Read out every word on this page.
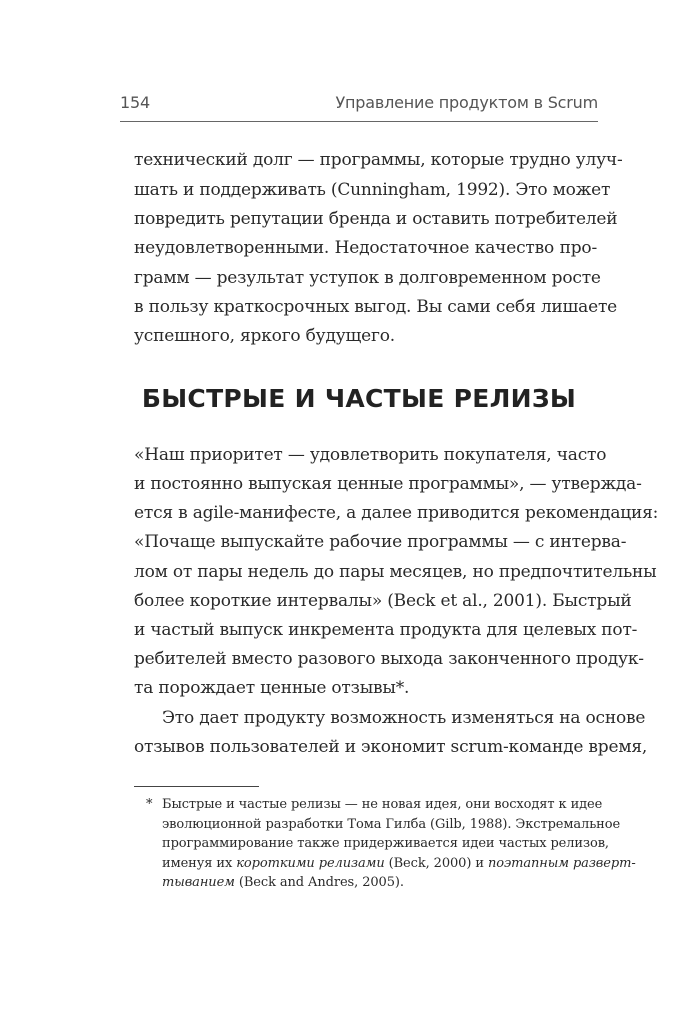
154	Управление продуктом в Scrum
технический долг — программы, которые трудно улуч-
шать и поддерживать (Cunningham, 1992). Это может
повредить репутации бренда и оставить потребителей
неудовлетворенными. Недостаточное качество про-
грамм — результат уступок в долговременном росте
в пользу краткосрочных выгод. Вы сами себя лишаете
успешного, яркого будущего.
БЫСТРЫЕ И ЧАСТЫЕ РЕЛИЗЫ
«Наш приоритет — удовлетворить покупателя, часто
и постоянно выпуская ценные программы», — утвержда-
ется в agile-манифесте, а далее приводится рекомендация:
«Почаще выпускайте рабочие программы — с интерва-
лом от пары недель до пары месяцев, но предпочтительны
более короткие интервалы» (Beck et al., 2001). Быстрый
и частый выпуск инкремента продукта для целевых пот-
ребителей вместо разового выхода законченного продук-
та порождает ценные отзывы*.
Это дает продукту возможность изменяться на основе
отзывов пользователей и экономит scrum-команде время,
* Быстрые и частые релизы — не новая идея, они восходят к идее
эволюционной разработки Тома Гилба (Gilb, 1988). Экстремальное
программирование также придерживается идеи частых релизов,
именуя их короткими релизами (Beck, 2000) и поэтапным разверт-
тыванием (Beck and Andres, 2005).
